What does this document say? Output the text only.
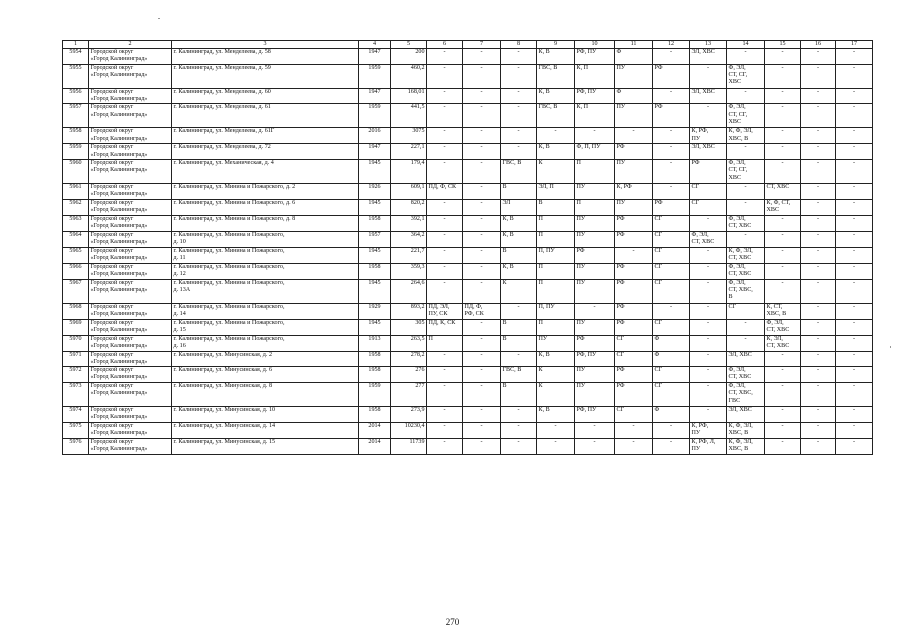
1	2	3	4	5	6	7	8	9	10	11	12	13	14	15	16	17
5954	Городской округ
«Город Калининград»	г. Калининград, ул. Менделеева, д. 58	1947	200	-	-	-	К, В	РФ, ПУ	Ф	-	ЭЛ, ХВС	-	-	-	-
5955	Городской округ
«Город Калининград»	г. Калининград, ул. Менделеева, д. 59	1959	460,2	-	-	-	ГВС, В	К, П	ПУ	РФ	-	Ф, ЭЛ,
СТ, СГ,
ХВС	-	-	-
5956	Городской округ
«Город Калининград»	г. Калининград, ул. Менделеева, д. 60	1947	168,01	-	-	-	К, В	РФ, ПУ	Ф	-	ЭЛ, ХВС	-	-	-	-
5957	Городской округ
«Город Калининград»	г. Калининград, ул. Менделеева, д. 61	1959	441,5	-	-	-	ГВС, В	К, П	ПУ	РФ	-	Ф, ЭЛ,
СТ, СГ,
ХВС	-	-	-
5958	Городской округ
«Город Калининград»	г. Калининград, ул. Менделеева, д. 61Г	2016	3075	-	-	-	-	-	-	-	К, РФ,
ПУ	К, Ф, ЭЛ,
ХВС, В	-	-	-
5959	Городской округ
«Город Калининград»	г. Калининград, ул. Менделеева, д. 72	1947	227,1	-	-	-	К, В	Ф, П, ПУ	РФ	-	ЭЛ, ХВС	-	-	-	-
5960	Городской округ
«Город Калининград»	г. Калининград, ул. Механическая, д. 4	1945	179,4	-	-	ГВС, В	К	П	ПУ	-	РФ	Ф, ЭЛ,
СТ, СГ,
ХВС	-	-	-
5961	Городской округ
«Город Калининград»	г. Калининград, ул. Минина и Пожарского, д. 2	1926	609,1	ПД, Ф, СК	-	В	ЭЛ, П	ПУ	К, РФ	-	СГ	-	СТ, ХВС	-	-
5962	Городской округ
«Город Калининград»	г. Калининград, ул. Минина и Пожарского, д. 6	1945	820,2	-	-	ЭЛ	В	П	ПУ	РФ	СГ	-	К, Ф, СТ,
ХВС	-	-
5963	Городской округ
«Город Калининград»	г. Калининград, ул. Минина и Пожарского, д. 8	1958	392,1	-	-	К, В	П	ПУ	РФ	СГ	-	Ф, ЭЛ,
СТ, ХВС	-	-	-
5964	Городской округ
«Город Калининград»	г. Калининград, ул. Минина и Пожарского,
д. 10	1957	364,2	-	-	К, В	П	ПУ	РФ	СГ	Ф, ЭЛ,
СТ, ХВС	-	-	-	-
5965	Городской округ
«Город Калининград»	г. Калининград, ул. Минина и Пожарского,
д. 11	1945	221,7	-	-	В	П, ПУ	РФ	-	СГ	-	К, Ф, ЭЛ,
СТ, ХВС	-	-	-
5966	Городской округ
«Город Калининград»	г. Калининград, ул. Минина и Пожарского,
д. 12	1958	359,3	-	-	К, В	П	ПУ	РФ	СГ	-	Ф, ЭЛ,
СТ, ХВС	-	-	-
5967	Городской округ
«Город Калининград»	г. Калининград, ул. Минина и Пожарского,
д. 13А	1945	264,6	-	-	К	П	ПУ	РФ	СГ	-	Ф, ЭЛ,
СТ, ХВС,
В	-	-	-
5968	Городской округ
«Город Калининград»	г. Калининград, ул. Минина и Пожарского,
д. 14	1929	893,2	ПД, ЭЛ,
ПУ, СК	ПД, Ф,
РФ, СК	-	П, ПУ	-	РФ	-	-	СГ	К, СТ,
ХВС, В	-	-
5969	Городской округ
«Город Калининград»	г. Калининград, ул. Минина и Пожарского,
д. 15	1945	305	ПД, К, СК	-	В	П	ПУ	РФ	СГ	-	-	Ф, ЭЛ,
СТ, ХВС	-	-
5970	Городской округ
«Город Калининград»	г. Калининград, ул. Минина и Пожарского,
д. 16	1913	263,5	П	-	В	ПУ	РФ	СГ	Ф	-	-	К, ЭЛ,
СТ, ХВС	-	-
5971	Городской округ
«Город Калининград»	г. Калининград, ул. Минусинская, д. 2	1958	278,2	-	-	-	К, В	РФ, ПУ	СГ	Ф	-	ЭЛ, ХВС	-	-	-
5972	Городской округ
«Город Калининград»	г. Калининград, ул. Минусинская, д. 6	1958	276	-	-	ГВС, В	К	ПУ	РФ	СГ	-	Ф, ЭЛ,
СТ, ХВС	-	-	-
5973	Городской округ
«Город Калининград»	г. Калининград, ул. Минусинская, д. 8	1959	277	-	-	В	К	ПУ	РФ	СГ	-	Ф, ЭЛ,
СТ, ХВС,
ГВС	-	-	-
5974	Городской округ
«Город Калининград»	г. Калининград, ул. Минусинская, д. 10	1958	273,9	-	-	-	К, В	РФ, ПУ	СГ	Ф	-	ЭЛ, ХВС	-	-	-
5975	Городской округ
«Город Калининград»	г. Калининград, ул. Минусинская, д. 14	2014	10230,4	-	-	-	-	-	-	-	К, РФ,
ПУ	К, Ф, ЭЛ,
ХВС, В	-	-	-
5976	Городской округ
«Город Калининград»	г. Калининград, ул. Минусинская, д. 15	2014	11739	-	-	-	-	-	-	-	К, РФ, Л,
ПУ	К, Ф, ЭЛ,
ХВС, В	-	-	-
270
